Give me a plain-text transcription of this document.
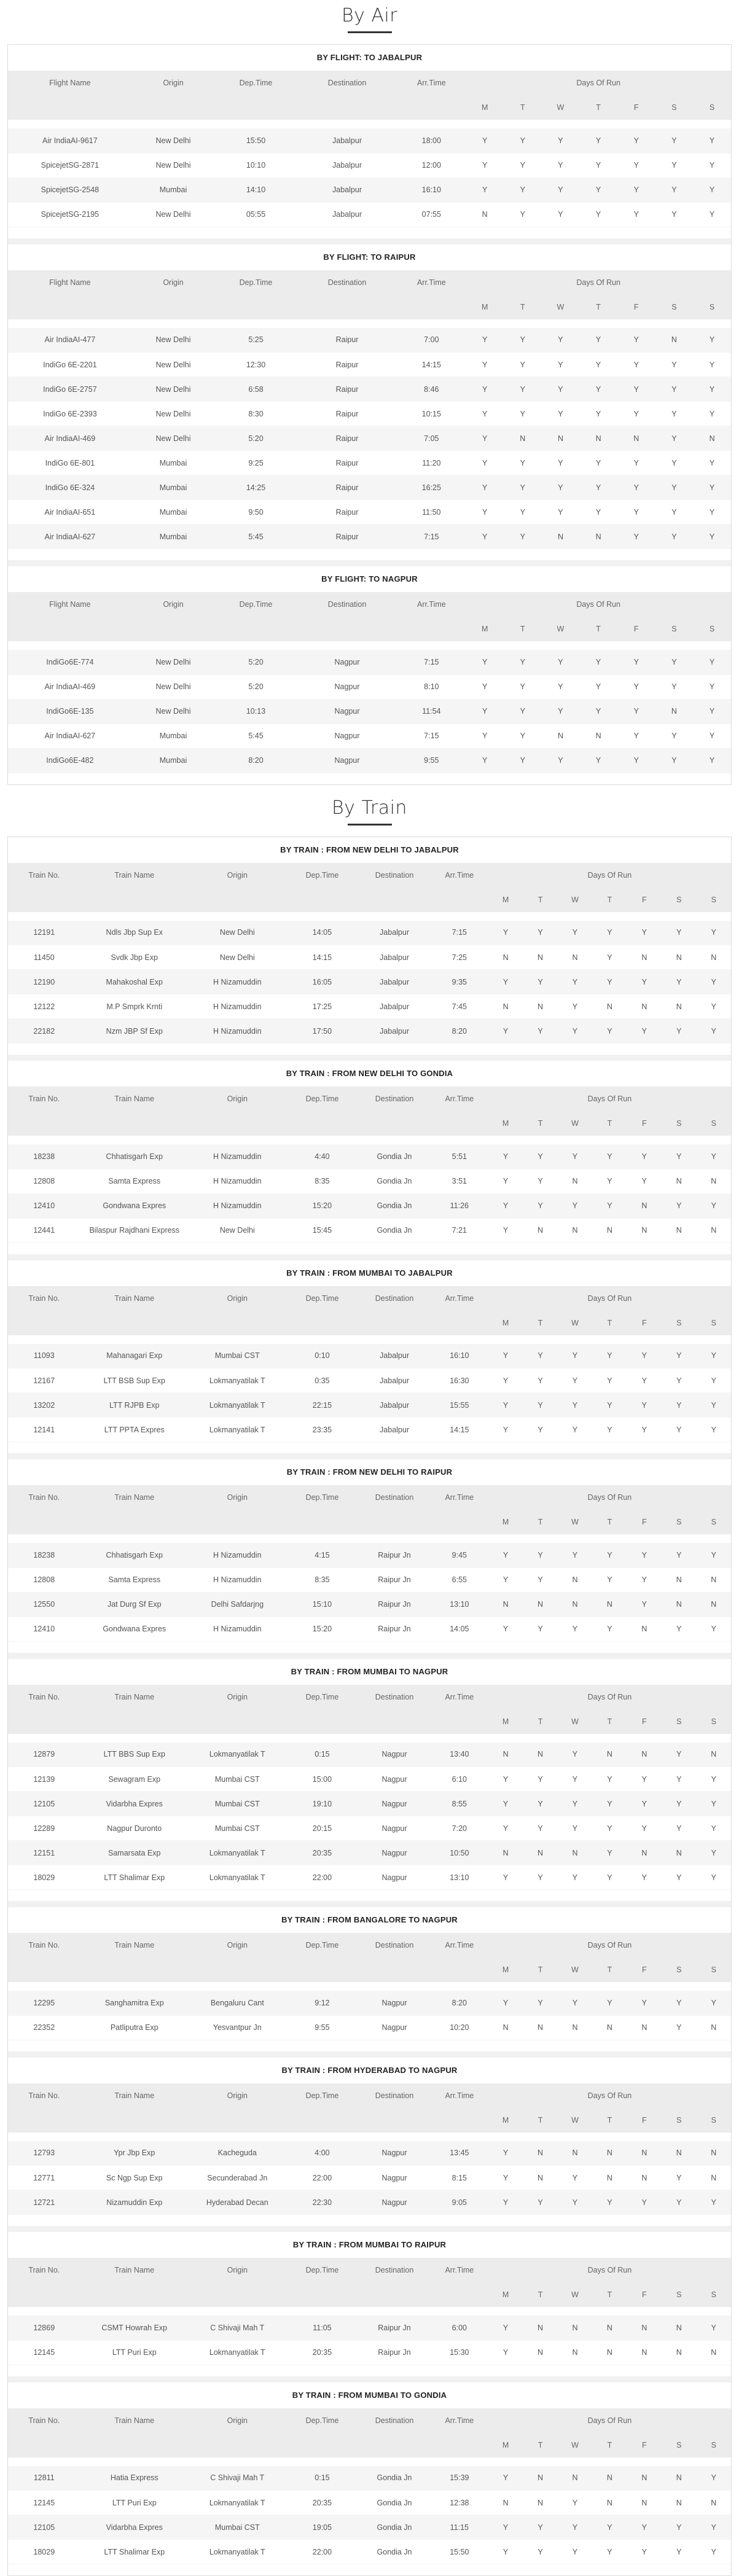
By Air
BY FLIGHT: TO JABALPUR
Flight Name	Origin	Dep.Time	Destination	Arr.Time	Days Of Run						
					M	T	W	T	F	S	S

Air IndiaAI-9617	New Delhi	15:50	Jabalpur	18:00	Y	Y	Y	Y	Y	Y	Y
SpicejetSG-2871	New Delhi	10:10	Jabalpur	12:00	Y	Y	Y	Y	Y	Y	Y
SpicejetSG-2548	Mumbai	14:10	Jabalpur	16:10	Y	Y	Y	Y	Y	Y	Y
SpicejetSG-2195	New Delhi	05:55	Jabalpur	07:55	N	Y	Y	Y	Y	Y	Y
BY FLIGHT: TO RAIPUR
Flight Name	Origin	Dep.Time	Destination	Arr.Time	Days Of Run						
					M	T	W	T	F	S	S

Air IndiaAI-477	New Delhi	5:25	Raipur	7:00	Y	Y	Y	Y	Y	N	Y
IndiGo 6E-2201	New Delhi	12:30	Raipur	14:15	Y	Y	Y	Y	Y	Y	Y
IndiGo 6E-2757	New Delhi	6:58	Raipur	8:46	Y	Y	Y	Y	Y	Y	Y
IndiGo 6E-2393	New Delhi	8:30	Raipur	10:15	Y	Y	Y	Y	Y	Y	Y
Air IndiaAI-469	New Delhi	5:20	Raipur	7:05	Y	N	N	N	N	Y	N
IndiGo 6E-801	Mumbai	9:25	Raipur	11:20	Y	Y	Y	Y	Y	Y	Y
IndiGo 6E-324	Mumbai	14:25	Raipur	16:25	Y	Y	Y	Y	Y	Y	Y
Air IndiaAI-651	Mumbai	9:50	Raipur	11:50	Y	Y	Y	Y	Y	Y	Y
Air IndiaAI-627	Mumbai	5:45	Raipur	7:15	Y	Y	N	N	Y	Y	Y
BY FLIGHT: TO NAGPUR
Flight Name	Origin	Dep.Time	Destination	Arr.Time	Days Of Run						
					M	T	W	T	F	S	S

IndiGo6E-774	New Delhi	5:20	Nagpur	7:15	Y	Y	Y	Y	Y	Y	Y
Air IndiaAI-469	New Delhi	5:20	Nagpur	8:10	Y	Y	Y	Y	Y	Y	Y
IndiGo6E-135	New Delhi	10:13	Nagpur	11:54	Y	Y	Y	Y	Y	N	Y
Air IndiaAI-627	Mumbai	5:45	Nagpur	7:15	Y	Y	N	N	Y	Y	Y
IndiGo6E-482	Mumbai	8:20	Nagpur	9:55	Y	Y	Y	Y	Y	Y	Y
By Train
BY TRAIN : FROM NEW DELHI TO JABALPUR
Train No.	Train Name	Origin	Dep.Time	Destination	Arr.Time	Days Of Run						
						M	T	W	T	F	S	S

12191	Ndls Jbp Sup Ex	New Delhi	14:05	Jabalpur	7:15	Y	Y	Y	Y	Y	Y	Y
11450	Svdk Jbp Exp	New Delhi	14:15	Jabalpur	7:25	N	N	N	Y	N	N	N
12190	Mahakoshal Exp	H Nizamuddin	16:05	Jabalpur	9:35	Y	Y	Y	Y	Y	Y	Y
12122	M.P Smprk Krnti	H Nizamuddin	17:25	Jabalpur	7:45	N	N	Y	N	N	N	Y
22182	Nzm JBP Sf Exp	H Nizamuddin	17:50	Jabalpur	8:20	Y	Y	Y	Y	Y	Y	Y
BY TRAIN : FROM NEW DELHI TO GONDIA
Train No.	Train Name	Origin	Dep.Time	Destination	Arr.Time	Days Of Run						
						M	T	W	T	F	S	S

18238	Chhatisgarh Exp	H Nizamuddin	4:40	Gondia Jn	5:51	Y	Y	Y	Y	Y	Y	Y
12808	Samta Express	H Nizamuddin	8:35	Gondia Jn	3:51	Y	Y	N	Y	Y	N	N
12410	Gondwana Expres	H Nizamuddin	15:20	Gondia Jn	11:26	Y	Y	Y	Y	N	Y	Y
12441	Bilaspur Rajdhani Express	New Delhi	15:45	Gondia Jn	7:21	Y	N	N	N	N	N	N
BY TRAIN : FROM MUMBAI TO JABALPUR
Train No.	Train Name	Origin	Dep.Time	Destination	Arr.Time	Days Of Run						
						M	T	W	T	F	S	S

11093	Mahanagari Exp	Mumbai CST	0:10	Jabalpur	16:10	Y	Y	Y	Y	Y	Y	Y
12167	LTT BSB Sup Exp	Lokmanyatilak T	0:35	Jabalpur	16:30	Y	Y	Y	Y	Y	Y	Y
13202	LTT RJPB Exp	Lokmanyatilak T	22:15	Jabalpur	15:55	Y	Y	Y	Y	Y	Y	Y
12141	LTT PPTA Expres	Lokmanyatilak T	23:35	Jabalpur	14:15	Y	Y	Y	Y	Y	Y	Y
BY TRAIN : FROM NEW DELHI TO RAIPUR
Train No.	Train Name	Origin	Dep.Time	Destination	Arr.Time	Days Of Run						
						M	T	W	T	F	S	S

18238	Chhatisgarh Exp	H Nizamuddin	4:15	Raipur Jn	9:45	Y	Y	Y	Y	Y	Y	Y
12808	Samta Express	H Nizamuddin	8:35	Raipur Jn	6:55	Y	Y	N	Y	Y	N	N
12550	Jat Durg Sf Exp	Delhi Safdarjng	15:10	Raipur Jn	13:10	N	N	N	N	Y	N	N
12410	Gondwana Expres	H Nizamuddin	15:20	Raipur Jn	14:05	Y	Y	Y	Y	N	Y	Y
BY TRAIN : FROM MUMBAI TO NAGPUR
Train No.	Train Name	Origin	Dep.Time	Destination	Arr.Time	Days Of Run						
						M	T	W	T	F	S	S

12879	LTT BBS Sup Exp	Lokmanyatilak T	0:15	Nagpur	13:40	N	N	Y	N	N	Y	N
12139	Sewagram Exp	Mumbai CST	15:00	Nagpur	6:10	Y	Y	Y	Y	Y	Y	Y
12105	Vidarbha Expres	Mumbai CST	19:10	Nagpur	8:55	Y	Y	Y	Y	Y	Y	Y
12289	Nagpur Duronto	Mumbai CST	20:15	Nagpur	7:20	Y	Y	Y	Y	Y	Y	Y
12151	Samarsata Exp	Lokmanyatilak T	20:35	Nagpur	10:50	N	N	N	Y	N	N	Y
18029	LTT Shalimar Exp	Lokmanyatilak T	22:00	Nagpur	13:10	Y	Y	Y	Y	Y	Y	Y
BY TRAIN : FROM BANGALORE TO NAGPUR
Train No.	Train Name	Origin	Dep.Time	Destination	Arr.Time	Days Of Run						
						M	T	W	T	F	S	S

12295	Sanghamitra Exp	Bengaluru Cant	9:12	Nagpur	8:20	Y	Y	Y	Y	Y	Y	Y
22352	Patliputra Exp	Yesvantpur Jn	9:55	Nagpur	10:20	N	N	N	N	N	Y	N
BY TRAIN : FROM HYDERABAD TO NAGPUR
Train No.	Train Name	Origin	Dep.Time	Destination	Arr.Time	Days Of Run						
						M	T	W	T	F	S	S

12793	Ypr Jbp Exp	Kacheguda	4:00	Nagpur	13:45	Y	N	N	N	N	N	N
12771	Sc Ngp Sup Exp	Secunderabad Jn	22:00	Nagpur	8:15	Y	N	Y	N	N	Y	N
12721	Nizamuddin Exp	Hyderabad Decan	22:30	Nagpur	9:05	Y	Y	Y	Y	Y	Y	Y
BY TRAIN : FROM MUMBAI TO RAIPUR
Train No.	Train Name	Origin	Dep.Time	Destination	Arr.Time	Days Of Run						
						M	T	W	T	F	S	S

12869	CSMT Howrah Exp	C Shivaji Mah T	11:05	Raipur Jn	6:00	Y	N	N	N	N	N	Y
12145	LTT Puri Exp	Lokmanyatilak T	20:35	Raipur Jn	15:30	Y	N	N	N	N	N	N
BY TRAIN : FROM MUMBAI TO GONDIA
Train No.	Train Name	Origin	Dep.Time	Destination	Arr.Time	Days Of Run						
						M	T	W	T	F	S	S

12811	Hatia Express	C Shivaji Mah T	0:15	Gondia Jn	15:39	Y	N	N	N	N	N	Y
12145	LTT Puri Exp	Lokmanyatilak T	20:35	Gondia Jn	12:38	N	N	Y	N	N	N	N
12105	Vidarbha Expres	Mumbai CST	19:05	Gondia Jn	11:15	Y	Y	Y	Y	Y	Y	Y
18029	LTT Shalimar Exp	Lokmanyatilak T	22:00	Gondia Jn	15:50	Y	Y	Y	Y	Y	Y	Y
